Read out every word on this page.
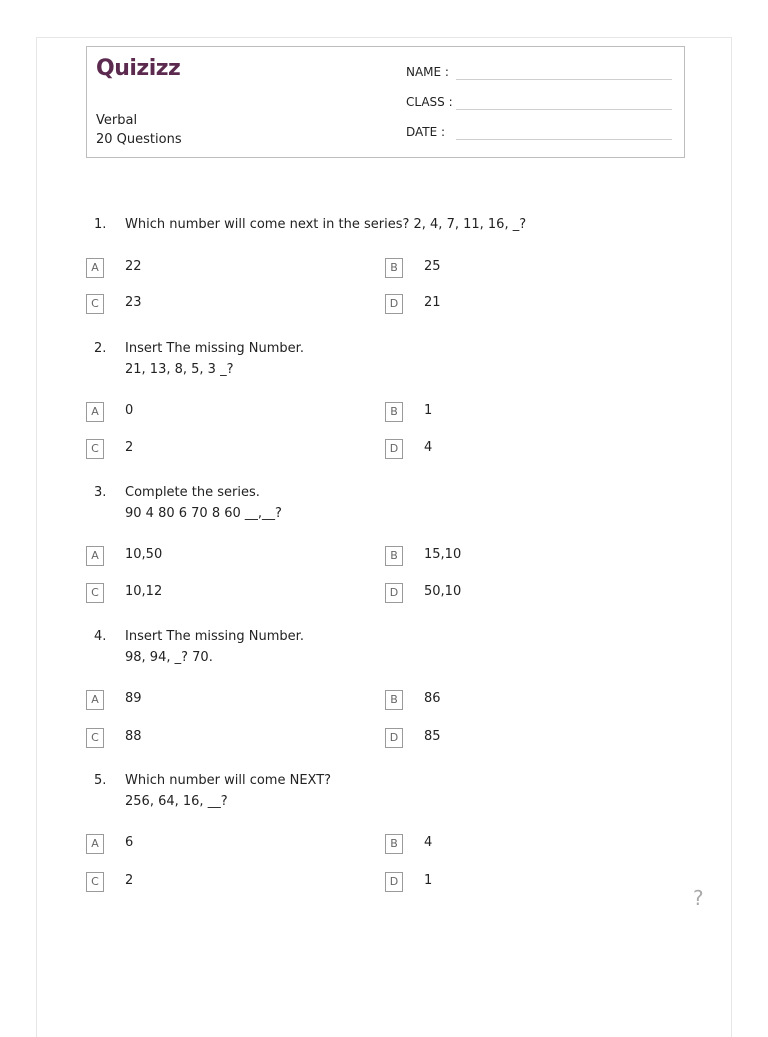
Quizizz
Verbal
20 Questions
NAME :
CLASS :
DATE :
1.	Which number will come next in the series? 2, 4, 7, 11, 16, _?
A	22	B	25
C	23	D	21
2.	Insert The missing Number.
21, 13, 8, 5, 3 _?
A	0	B	1
C	2	D	4
3.	Complete the series.
90 4 80 6 70 8 60 __,__?
A	10,50	B	15,10
C	10,12	D	50,10
4.	Insert The missing Number.
98, 94, _? 70.
A	89	B	86
C	88	D	85
5.	Which number will come NEXT?
256, 64, 16, __?
A	6	B	4
C	2	D	1
?
